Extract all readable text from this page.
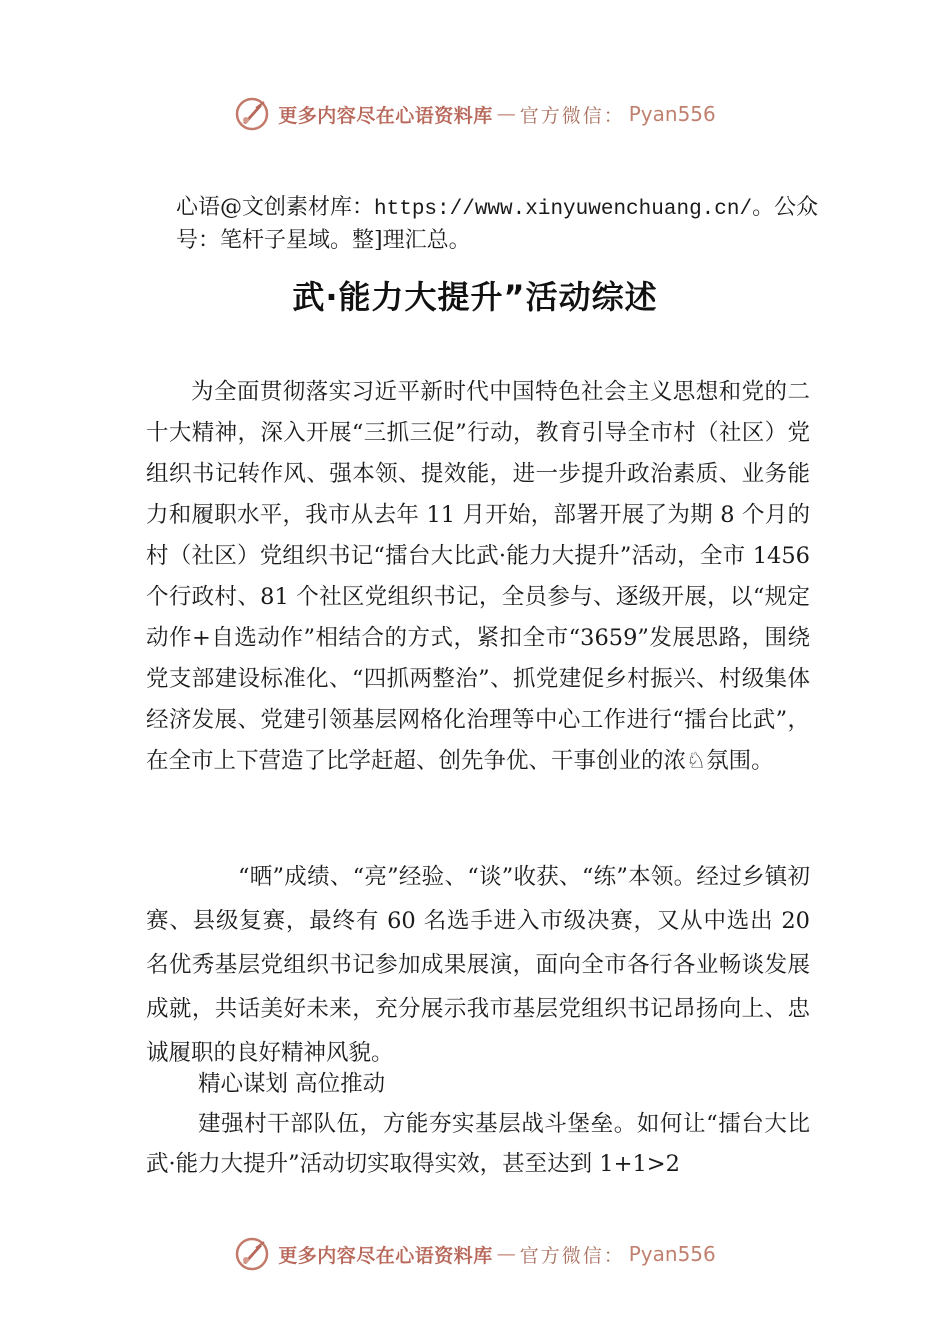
更多内容尽在心语资料库 — 官方微信： Pyan556
心语@文创素材库：https://www.xinyuwenchuang.cn/。公众号：笔杆子星域。整]理汇总。
武·能力大提升”活动综述

为全面贯彻落实习近平新时代中国特色社会主义思想和党的二十大精神，深入开展“三抓三促”行动，教育引导全市村（社区）党组织书记转作风、强本领、提效能，进一步提升政治素质、业务能力和履职水平，我市从去年 11 月开始，部署开展了为期 8 个月的村（社区）党组织书记“擂台大比武·能力大提升”活动，全市 1456 个行政村、81 个社区党组织书记，全员参与、逐级开展，以“规定动作+自选动作”相结合的方式，紧扣全市“3659”发展思路，围绕党支部建设标准化、“四抓两整治”、抓党建促乡村振兴、村级集体经济发展、党建引领基层网格化治理等中心工作进行“擂台比武”，在全市上下营造了比学赶超、创先争优、干事创业的浓♘氛围。

“晒”成绩、“亮”经验、“谈”收获、“练”本领。经过乡镇初赛、县级复赛，最终有 60 名选手进入市级决赛，又从中选出 20 名优秀基层党组织书记参加成果展演，面向全市各行各业畅谈发展成就，共话美好未来，充分展示我市基层党组织书记昂扬向上、忠诚履职的良好精神风貌。

精心谋划 高位推动

建强村干部队伍，方能夯实基层战斗堡垒。如何让“擂台大比武·能力大提升”活动切实取得实效，甚至达到 1+1>2

更多内容尽在心语资料库 — 官方微信： Pyan556
